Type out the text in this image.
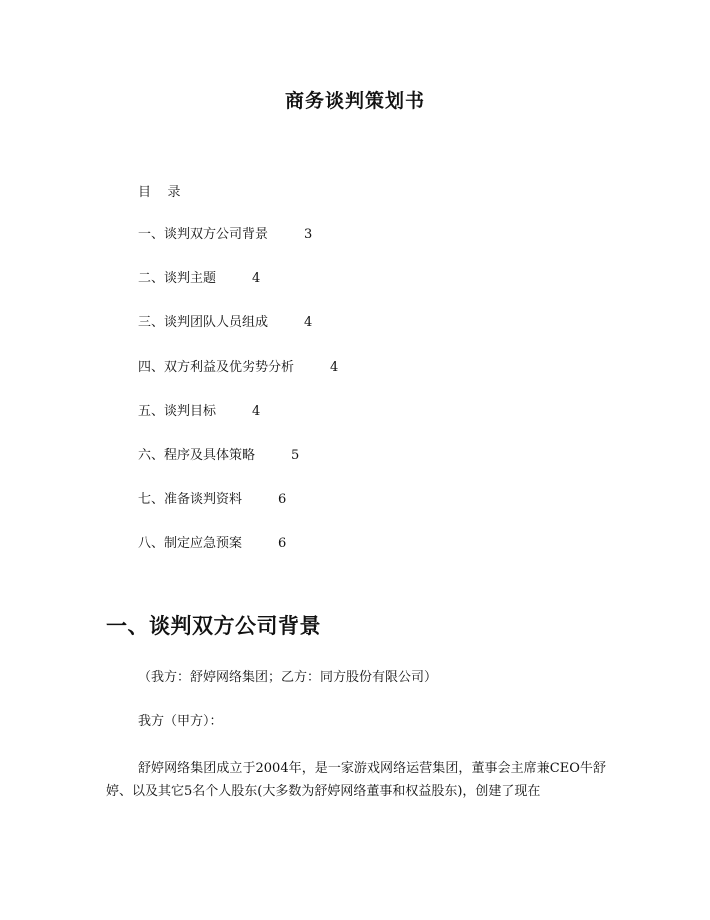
商务谈判策划书
目    录
一、谈判双方公司背景	3
二、谈判主题	4
三、谈判团队人员组成	4
四、双方利益及优劣势分析	4
五、谈判目标	4
六、程序及具体策略	5
七、准备谈判资料	6
八、制定应急预案	6
一、谈判双方公司背景
（我方：舒婷网络集团；乙方：同方股份有限公司）
我方（甲方）：
舒婷网络集团成立于2004年，是一家游戏网络运营集团，董事会主席兼CEO牛舒婷、以及其它5名个人股东(大多数为舒婷网络董事和权益股东)，创建了现在
